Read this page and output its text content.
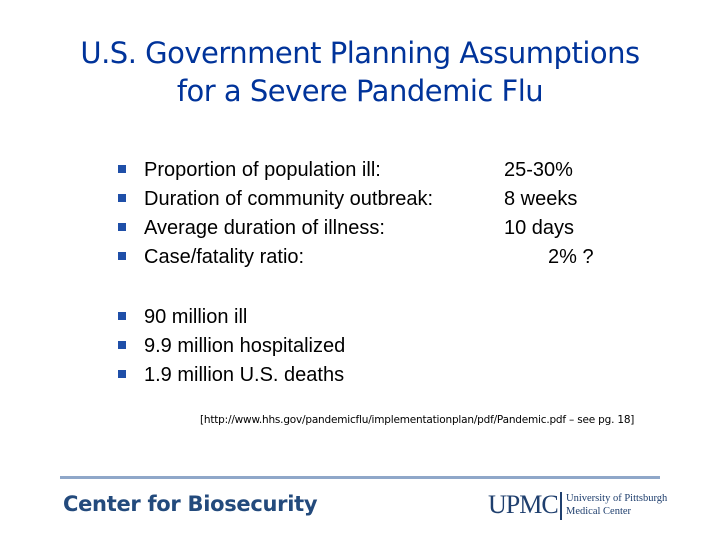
U.S. Government Planning Assumptions
for a Severe Pandemic Flu
Proportion of population ill:	25-30%
Duration of community outbreak:	8 weeks
Average duration of illness:	10 days
Case/fatality ratio:	2% ?
90 million ill
9.9 million hospitalized
1.9 million U.S. deaths
[http://www.hhs.gov/pandemicflu/implementationplan/pdf/Pandemic.pdf – see pg. 18]
Center for Biosecurity	UPMC University of Pittsburgh
Medical Center
